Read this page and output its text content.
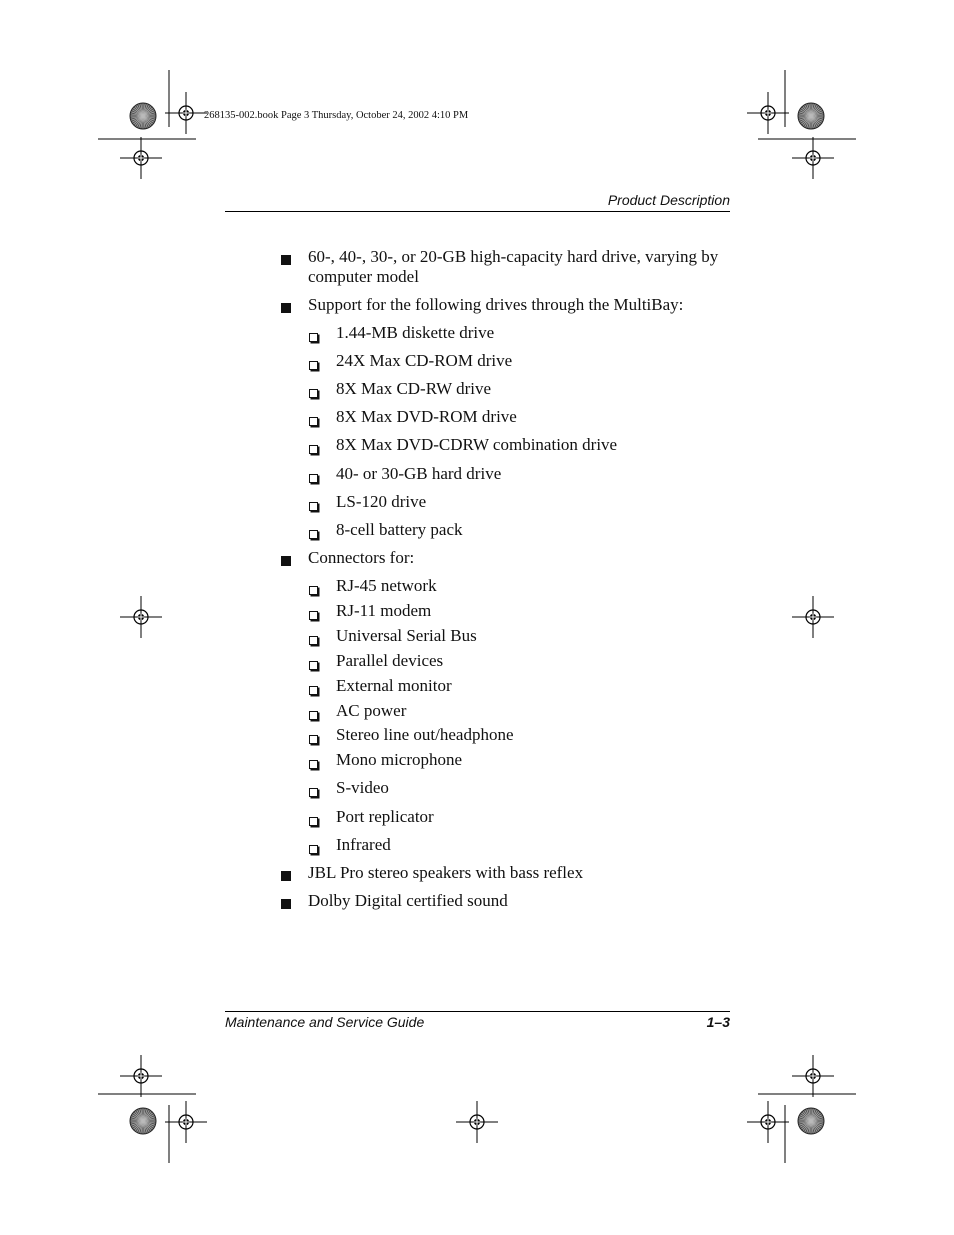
268135-002.book Page 3 Thursday, October 24, 2002 4:10 PM
Product Description
60-, 40-, 30-, or 20-GB high-capacity hard drive, varying by
computer model
Support for the following drives through the MultiBay:
1.44-MB diskette drive
24X Max CD-ROM drive
8X Max CD-RW drive
8X Max DVD-ROM drive
8X Max DVD-CDRW combination drive
40- or 30-GB hard drive
LS-120 drive
8-cell battery pack
Connectors for:
RJ-45 network
RJ-11 modem
Universal Serial Bus
Parallel devices
External monitor
AC power
Stereo line out/headphone
Mono microphone
S-video
Port replicator
Infrared
JBL Pro stereo speakers with bass reflex
Dolby Digital certified sound
Maintenance and Service Guide	1–3
